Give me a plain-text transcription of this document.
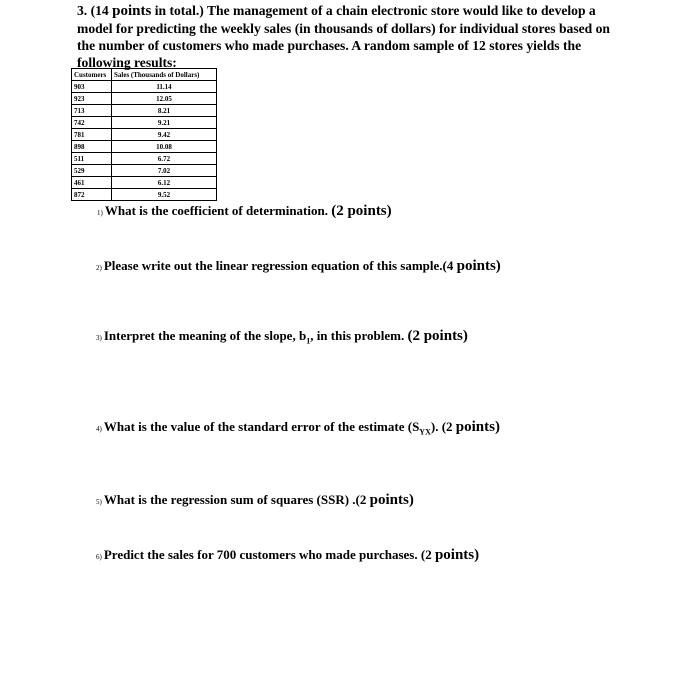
3. (14 points in total.) The management of a chain electronic store would like to develop a
model for predicting the weekly sales (in thousands of dollars) for individual stores based on
the number of customers who made purchases. A random sample of 12 stores yields the
following results:
Customers	Sales (Thousands of Dollars)
903	11.14
923	12.05
713	8.21
742	9.21
781	9.42
898	10.08
511	6.72
529	7.02
461	6.12
872	9.52
1) What is the coefficient of determination. (2 points)
2) Please write out the linear regression equation of this sample.(4 points)
3) Interpret the meaning of the slope, $b_1$, in this problem. (2 points)
4) What is the value of the standard error of the estimate $(S_{YX})$. (2 points)
5) What is the regression sum of squares (SSR) .(2 points)
6) Predict the sales for 700 customers who made purchases. (2 points)
